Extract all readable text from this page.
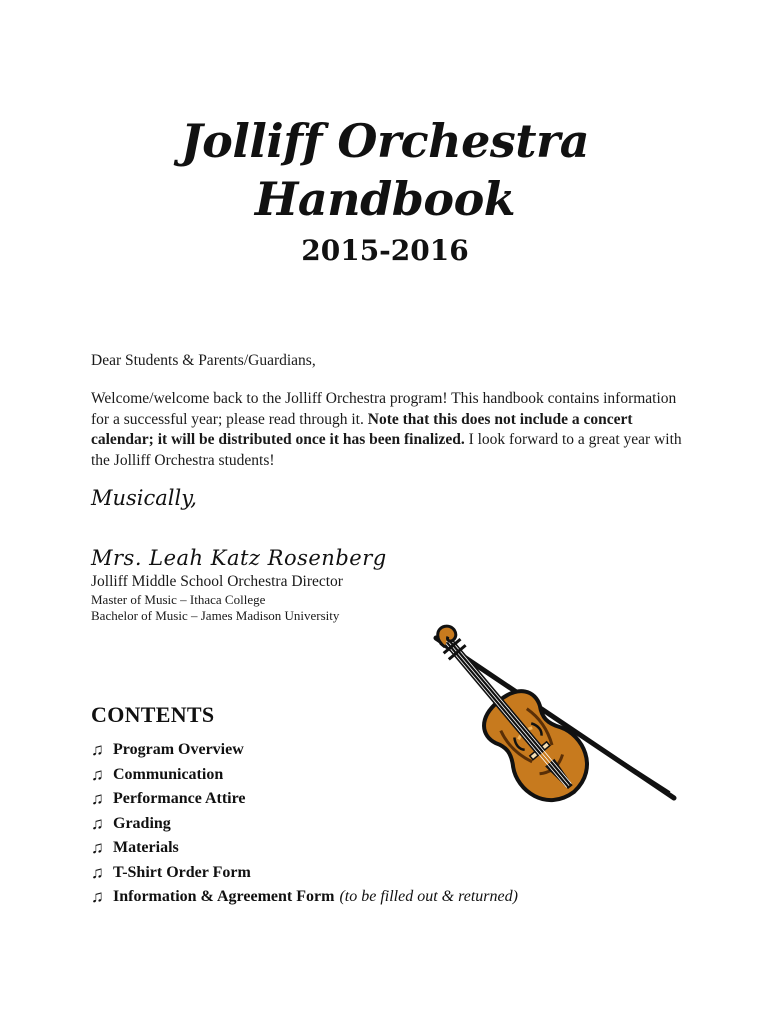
Jolliff Orchestra
Handbook
2015-2016
Dear Students & Parents/Guardians,
Welcome/welcome back to the Jolliff Orchestra program! This handbook contains information for a successful year; please read through it. Note that this does not include a concert calendar; it will be distributed once it has been finalized. I look forward to a great year with the Jolliff Orchestra students!
Musically,
Mrs. Leah Katz Rosenberg
Jolliff Middle School Orchestra Director
Master of Music – Ithaca College
Bachelor of Music – James Madison University
CONTENTS
♫ Program Overview
♫ Communication
♫ Performance Attire
♫ Grading
♫ Materials
♫ T-Shirt Order Form
♫ Information & Agreement Form (to be filled out & returned)
